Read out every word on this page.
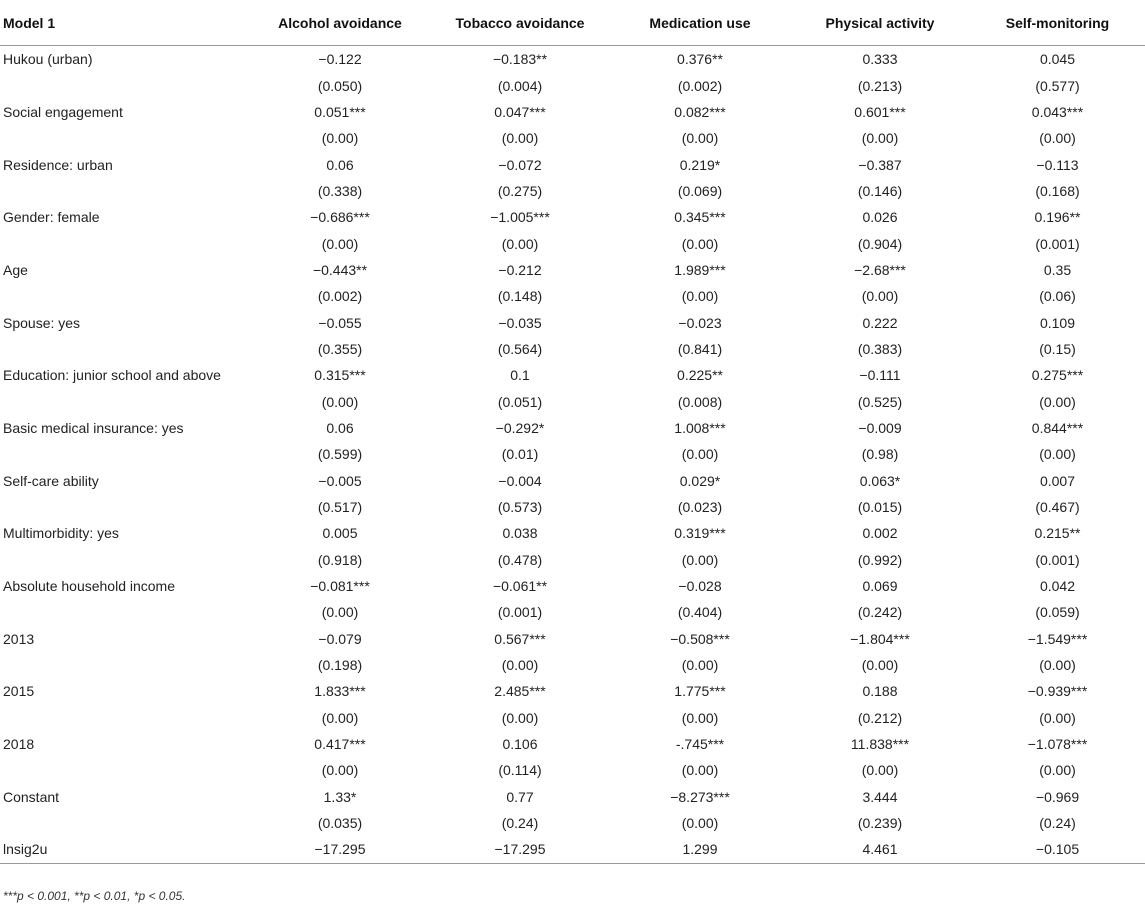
Model 1	Alcohol avoidance	Tobacco avoidance	Medication use	Physical activity	Self-monitoring
Hukou (urban)	−0.122	−0.183**	0.376**	0.333	0.045
	(0.050)	(0.004)	(0.002)	(0.213)	(0.577)
Social engagement	0.051***	0.047***	0.082***	0.601***	0.043***
	(0.00)	(0.00)	(0.00)	(0.00)	(0.00)
Residence: urban	0.06	−0.072	0.219*	−0.387	−0.113
	(0.338)	(0.275)	(0.069)	(0.146)	(0.168)
Gender: female	−0.686***	−1.005***	0.345***	0.026	0.196**
	(0.00)	(0.00)	(0.00)	(0.904)	(0.001)
Age	−0.443**	−0.212	1.989***	−2.68***	0.35
	(0.002)	(0.148)	(0.00)	(0.00)	(0.06)
Spouse: yes	−0.055	−0.035	−0.023	0.222	0.109
	(0.355)	(0.564)	(0.841)	(0.383)	(0.15)
Education: junior school and above	0.315***	0.1	0.225**	−0.111	0.275***
	(0.00)	(0.051)	(0.008)	(0.525)	(0.00)
Basic medical insurance: yes	0.06	−0.292*	1.008***	−0.009	0.844***
	(0.599)	(0.01)	(0.00)	(0.98)	(0.00)
Self-care ability	−0.005	−0.004	0.029*	0.063*	0.007
	(0.517)	(0.573)	(0.023)	(0.015)	(0.467)
Multimorbidity: yes	0.005	0.038	0.319***	0.002	0.215**
	(0.918)	(0.478)	(0.00)	(0.992)	(0.001)
Absolute household income	−0.081***	−0.061**	−0.028	0.069	0.042
	(0.00)	(0.001)	(0.404)	(0.242)	(0.059)
2013	−0.079	0.567***	−0.508***	−1.804***	−1.549***
	(0.198)	(0.00)	(0.00)	(0.00)	(0.00)
2015	1.833***	2.485***	1.775***	0.188	−0.939***
	(0.00)	(0.00)	(0.00)	(0.212)	(0.00)
2018	0.417***	0.106	-.745***	11.838***	−1.078***
	(0.00)	(0.114)	(0.00)	(0.00)	(0.00)
Constant	1.33*	0.77	−8.273***	3.444	−0.969
	(0.035)	(0.24)	(0.00)	(0.239)	(0.24)
lnsig2u	−17.295	−17.295	1.299	4.461	−0.105
***p < 0.001, **p < 0.01, *p < 0.05.
